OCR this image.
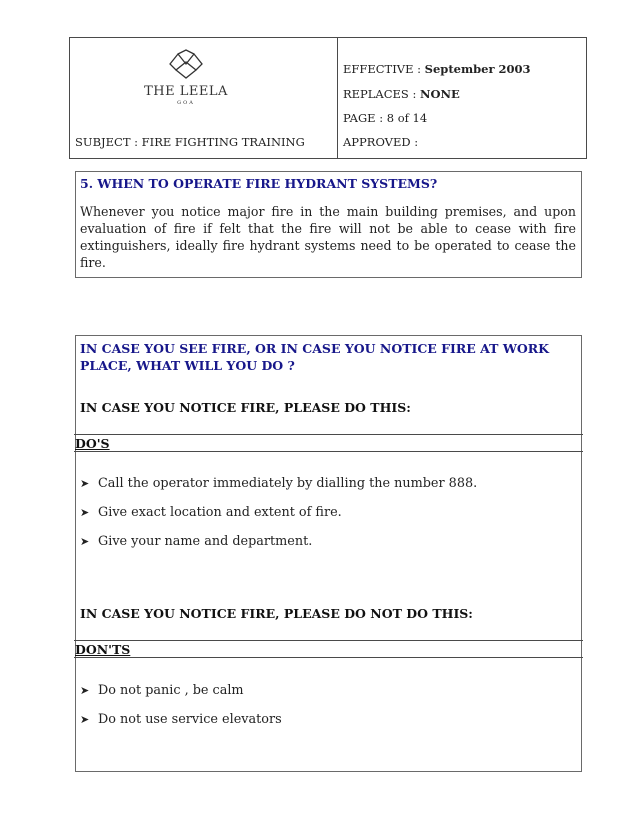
THE LEELA
GOA
EFFECTIVE : September 2003
REPLACES : NONE
PAGE : 8 of 14
APPROVED :
SUBJECT : FIRE FIGHTING TRAINING
5. WHEN TO OPERATE FIRE HYDRANT SYSTEMS?
Whenever you notice major fire in the main building premises, and upon evaluation of fire if felt that the fire will not be able to cease with fire extinguishers, ideally fire hydrant systems need to be operated to cease the fire.
IN CASE YOU SEE FIRE, OR IN CASE YOU NOTICE FIRE AT WORK PLACE, WHAT WILL YOU DO ?
IN CASE YOU NOTICE FIRE, PLEASE DO THIS:
DO'S
➤ Call the operator immediately by dialling the number 888.
➤ Give exact location and extent of fire.
➤ Give your name and department.
IN CASE YOU NOTICE FIRE, PLEASE DO NOT DO THIS:
DON'TS
➤ Do not panic , be calm
➤ Do not use service elevators
